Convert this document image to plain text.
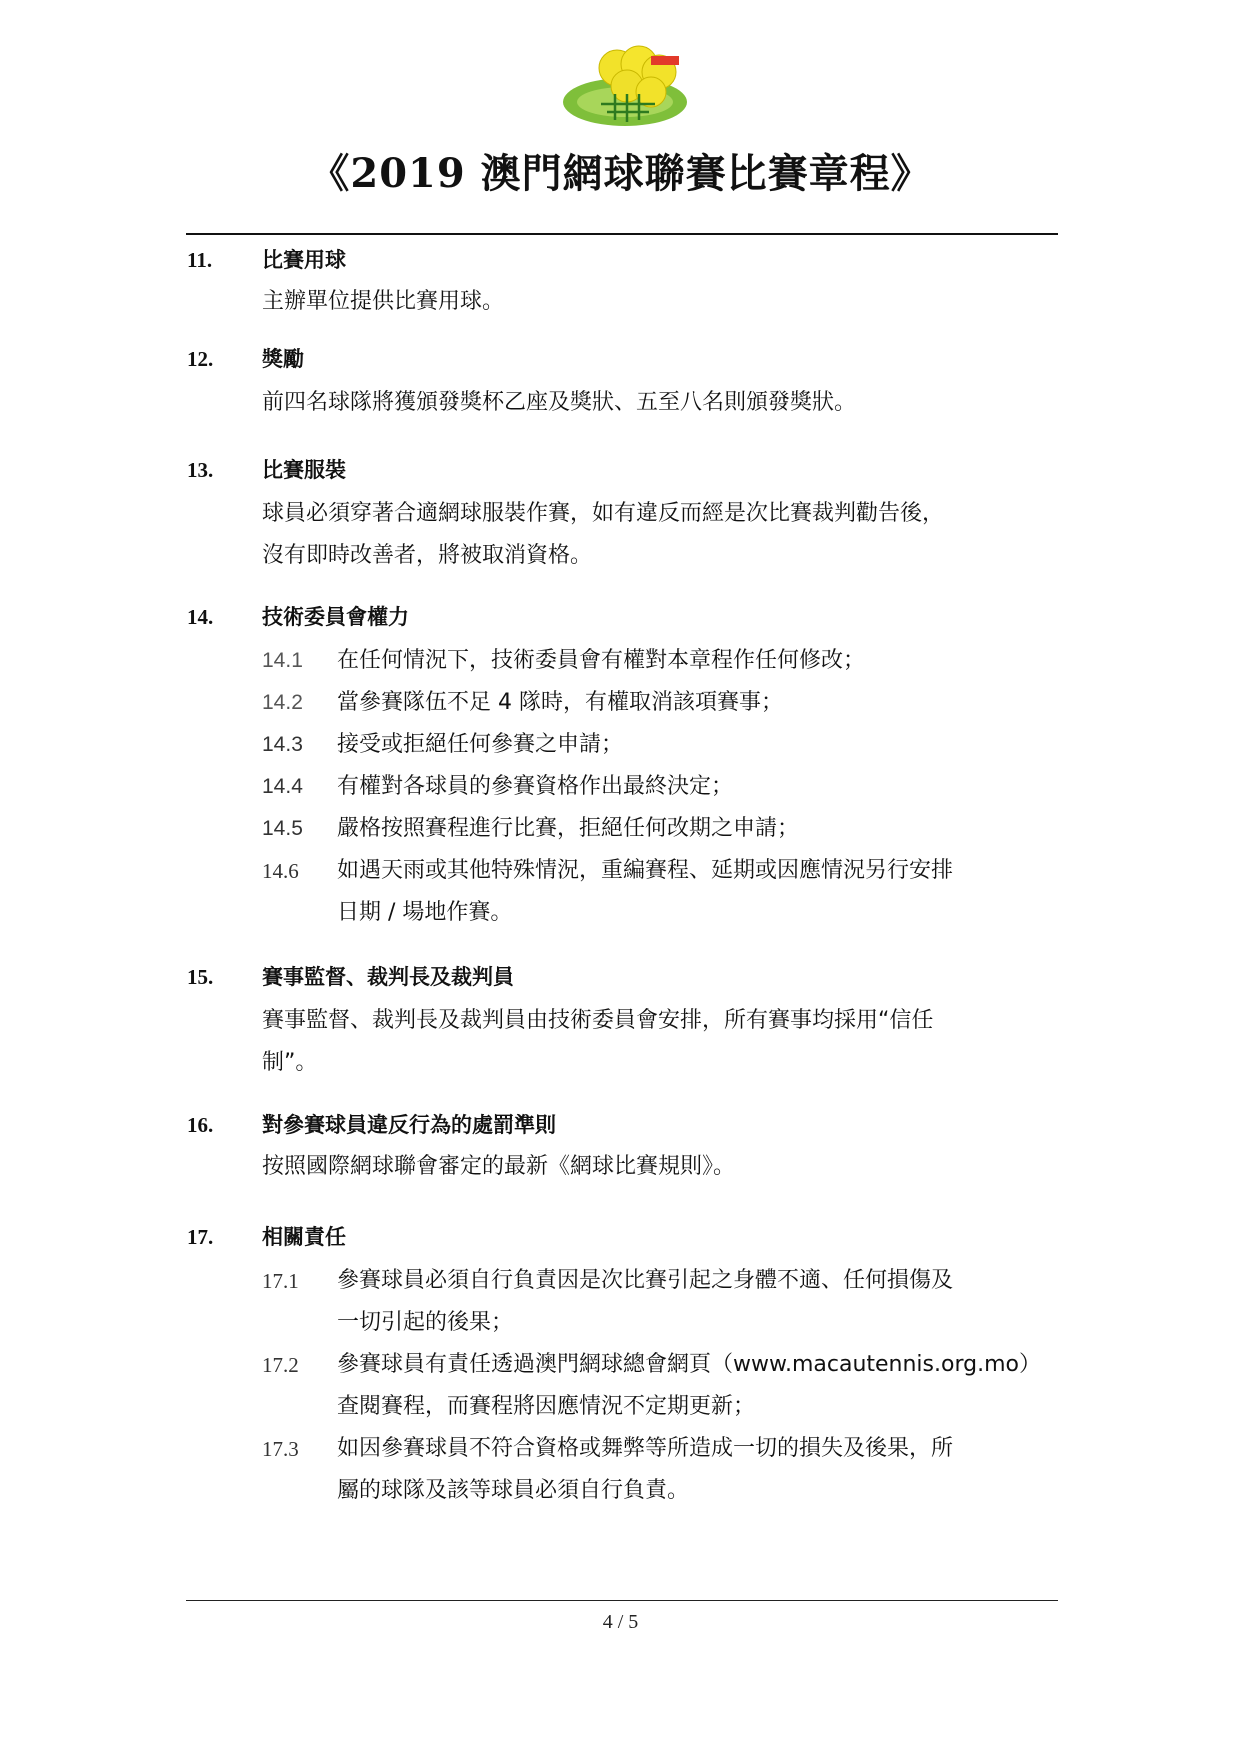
《2019 澳門網球聯賽比賽章程》
11. 比賽用球
主辦單位提供比賽用球。
12. 獎勵
前四名球隊將獲頒發獎杯乙座及獎狀、五至八名則頒發獎狀。
13. 比賽服裝
球員必須穿著合適網球服裝作賽，如有違反而經是次比賽裁判勸告後，
沒有即時改善者，將被取消資格。
14. 技術委員會權力
14.1 在任何情況下，技術委員會有權對本章程作任何修改；
14.2 當參賽隊伍不足 4 隊時，有權取消該項賽事；
14.3 接受或拒絕任何參賽之申請；
14.4 有權對各球員的參賽資格作出最終決定；
14.5 嚴格按照賽程進行比賽，拒絕任何改期之申請；
14.6 如遇天雨或其他特殊情況，重編賽程、延期或因應情況另行安排
日期 / 場地作賽。
15. 賽事監督、裁判長及裁判員
賽事監督、裁判長及裁判員由技術委員會安排，所有賽事均採用“信任
制”。
16. 對參賽球員違反行為的處罰準則
按照國際網球聯會審定的最新《網球比賽規則》。
17. 相關責任
17.1 參賽球員必須自行負責因是次比賽引起之身體不適、任何損傷及
一切引起的後果；
17.2 參賽球員有責任透過澳門網球總會網頁（www.macautennis.org.mo）
查閱賽程，而賽程將因應情況不定期更新；
17.3 如因參賽球員不符合資格或舞弊等所造成一切的損失及後果，所
屬的球隊及該等球員必須自行負責。
4 / 5
